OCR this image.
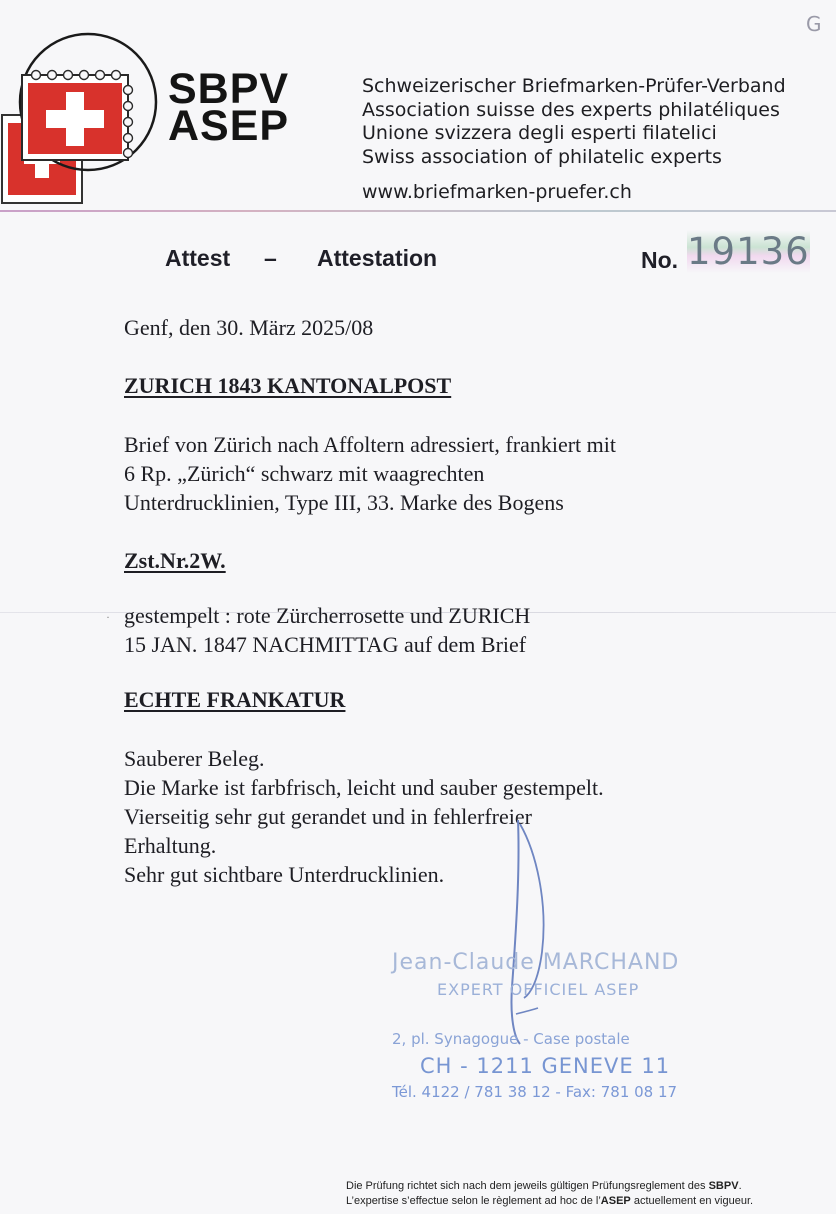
SBPV
ASEP
Schweizerischer Briefmarken-Prüfer-Verband
Association suisse des experts philatéliques
Unione svizzera degli esperti filatelici
Swiss association of philatelic experts
www.briefmarken-pruefer.ch
G
Attest – Attestation	No. 19136
Genf, den 30. März 2025/08
ZURICH 1843 KANTONALPOST
Brief von Zürich nach Affoltern adressiert, frankiert mit
6 Rp. „Zürich“ schwarz mit waagrechten
Unterdrucklinien, Type III, 33. Marke des Bogens
Zst.Nr.2W.
· gestempelt : rote Zürcherrosette und ZURICH
15 JAN. 1847 NACHMITTAG auf dem Brief
ECHTE FRANKATUR
Sauberer Beleg.
Die Marke ist farbfrisch, leicht und sauber gestempelt.
Vierseitig sehr gut gerandet und in fehlerfreier
Erhaltung.
Sehr gut sichtbare Unterdrucklinien.
Jean-Claude MARCHAND
EXPERT OFFICIEL ASEP
2, pl. Synagogue - Case postale
CH - 1211 GENEVE 11
Tél. 4122 / 781 38 12 - Fax: 781 08 17
Die Prüfung richtet sich nach dem jeweils gültigen Prüfungsreglement des SBPV.
L’expertise s’effectue selon le règlement ad hoc de l’ASEP actuellement en vigueur.
